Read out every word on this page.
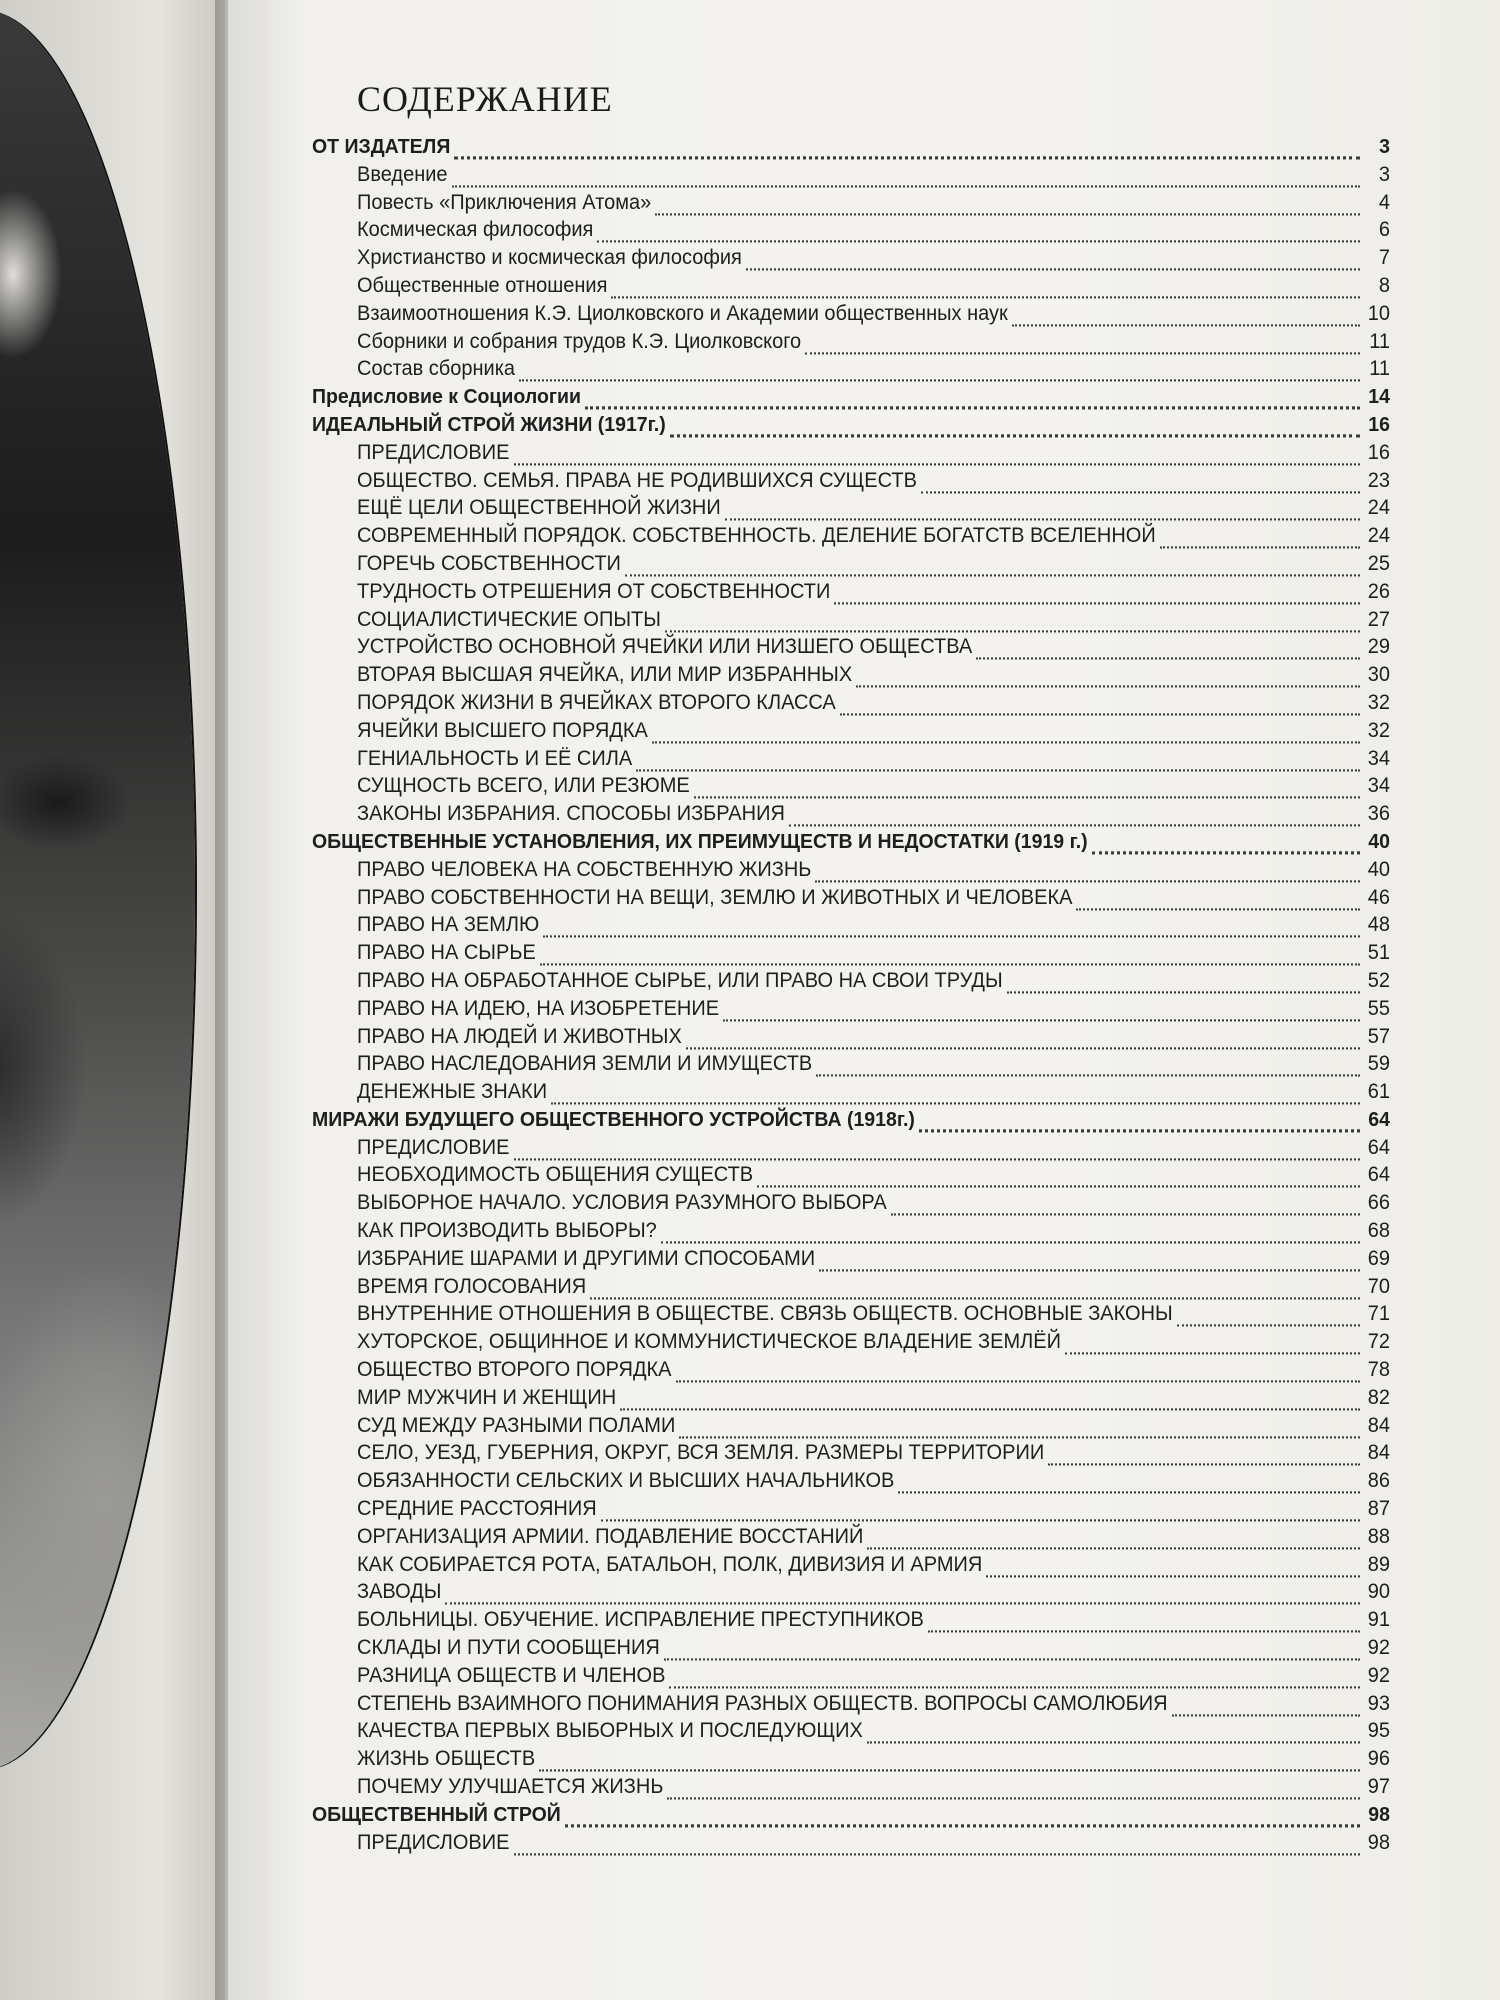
СОДЕРЖАНИЕ
ОТ ИЗДАТЕЛЯ	3
Введение	3
Повесть «Приключения Атома»	4
Космическая философия	6
Христианство и космическая философия	7
Общественные отношения	8
Взаимоотношения К.Э. Циолковского и Академии общественных наук	10
Сборники и собрания трудов К.Э. Циолковского	11
Состав сборника	11
Предисловие к Социологии	14
ИДЕАЛЬНЫЙ СТРОЙ ЖИЗНИ (1917г.)	16
ПРЕДИСЛОВИЕ	16
ОБЩЕСТВО. СЕМЬЯ. ПРАВА НЕ РОДИВШИХСЯ СУЩЕСТВ	23
ЕЩЁ ЦЕЛИ ОБЩЕСТВЕННОЙ ЖИЗНИ	24
СОВРЕМЕННЫЙ ПОРЯДОК. СОБСТВЕННОСТЬ. ДЕЛЕНИЕ БОГАТСТВ ВСЕЛЕННОЙ	24
ГОРЕЧЬ СОБСТВЕННОСТИ	25
ТРУДНОСТЬ ОТРЕШЕНИЯ ОТ СОБСТВЕННОСТИ	26
СОЦИАЛИСТИЧЕСКИЕ ОПЫТЫ	27
УСТРОЙСТВО ОСНОВНОЙ ЯЧЕЙКИ ИЛИ НИЗШЕГО ОБЩЕСТВА	29
ВТОРАЯ ВЫСШАЯ ЯЧЕЙКА, ИЛИ МИР ИЗБРАННЫХ	30
ПОРЯДОК ЖИЗНИ В ЯЧЕЙКАХ ВТОРОГО КЛАССА	32
ЯЧЕЙКИ ВЫСШЕГО ПОРЯДКА	32
ГЕНИАЛЬНОСТЬ И ЕЁ СИЛА	34
СУЩНОСТЬ ВСЕГО, ИЛИ РЕЗЮМЕ	34
ЗАКОНЫ ИЗБРАНИЯ. СПОСОБЫ ИЗБРАНИЯ	36
ОБЩЕСТВЕННЫЕ УСТАНОВЛЕНИЯ, ИХ ПРЕИМУЩЕСТВ И НЕДОСТАТКИ (1919 г.)	40
ПРАВО ЧЕЛОВЕКА НА СОБСТВЕННУЮ ЖИЗНЬ	40
ПРАВО СОБСТВЕННОСТИ НА ВЕЩИ, ЗЕМЛЮ И ЖИВОТНЫХ И ЧЕЛОВЕКА	46
ПРАВО НА ЗЕМЛЮ	48
ПРАВО НА СЫРЬЕ	51
ПРАВО НА ОБРАБОТАННОЕ СЫРЬЕ, ИЛИ ПРАВО НА СВОИ ТРУДЫ	52
ПРАВО НА ИДЕЮ, НА ИЗОБРЕТЕНИЕ	55
ПРАВО НА ЛЮДЕЙ И ЖИВОТНЫХ	57
ПРАВО НАСЛЕДОВАНИЯ ЗЕМЛИ И ИМУЩЕСТВ	59
ДЕНЕЖНЫЕ ЗНАКИ	61
МИРАЖИ БУДУЩЕГО ОБЩЕСТВЕННОГО УСТРОЙСТВА (1918г.)	64
ПРЕДИСЛОВИЕ	64
НЕОБХОДИМОСТЬ ОБЩЕНИЯ СУЩЕСТВ	64
ВЫБОРНОЕ НАЧАЛО. УСЛОВИЯ РАЗУМНОГО ВЫБОРА	66
КАК ПРОИЗВОДИТЬ ВЫБОРЫ?	68
ИЗБРАНИЕ ШАРАМИ И ДРУГИМИ СПОСОБАМИ	69
ВРЕМЯ ГОЛОСОВАНИЯ	70
ВНУТРЕННИЕ ОТНОШЕНИЯ В ОБЩЕСТВЕ. СВЯЗЬ ОБЩЕСТВ. ОСНОВНЫЕ ЗАКОНЫ	71
ХУТОРСКОЕ, ОБЩИННОЕ И КОММУНИСТИЧЕСКОЕ ВЛАДЕНИЕ ЗЕМЛЁЙ	72
ОБЩЕСТВО ВТОРОГО ПОРЯДКА	78
МИР МУЖЧИН И ЖЕНЩИН	82
СУД МЕЖДУ РАЗНЫМИ ПОЛАМИ	84
СЕЛО, УЕЗД, ГУБЕРНИЯ, ОКРУГ, ВСЯ ЗЕМЛЯ. РАЗМЕРЫ ТЕРРИТОРИИ	84
ОБЯЗАННОСТИ СЕЛЬСКИХ И ВЫСШИХ НАЧАЛЬНИКОВ	86
СРЕДНИЕ РАССТОЯНИЯ	87
ОРГАНИЗАЦИЯ АРМИИ. ПОДАВЛЕНИЕ ВОССТАНИЙ	88
КАК СОБИРАЕТСЯ РОТА, БАТАЛЬОН, ПОЛК, ДИВИЗИЯ И АРМИЯ	89
ЗАВОДЫ	90
БОЛЬНИЦЫ. ОБУЧЕНИЕ. ИСПРАВЛЕНИЕ ПРЕСТУПНИКОВ	91
СКЛАДЫ И ПУТИ СООБЩЕНИЯ	92
РАЗНИЦА ОБЩЕСТВ И ЧЛЕНОВ	92
СТЕПЕНЬ ВЗАИМНОГО ПОНИМАНИЯ РАЗНЫХ ОБЩЕСТВ. ВОПРОСЫ САМОЛЮБИЯ	93
КАЧЕСТВА ПЕРВЫХ ВЫБОРНЫХ И ПОСЛЕДУЮЩИХ	95
ЖИЗНЬ ОБЩЕСТВ	96
ПОЧЕМУ УЛУЧШАЕТСЯ ЖИЗНЬ	97
ОБЩЕСТВЕННЫЙ СТРОЙ	98
ПРЕДИСЛОВИЕ	98
